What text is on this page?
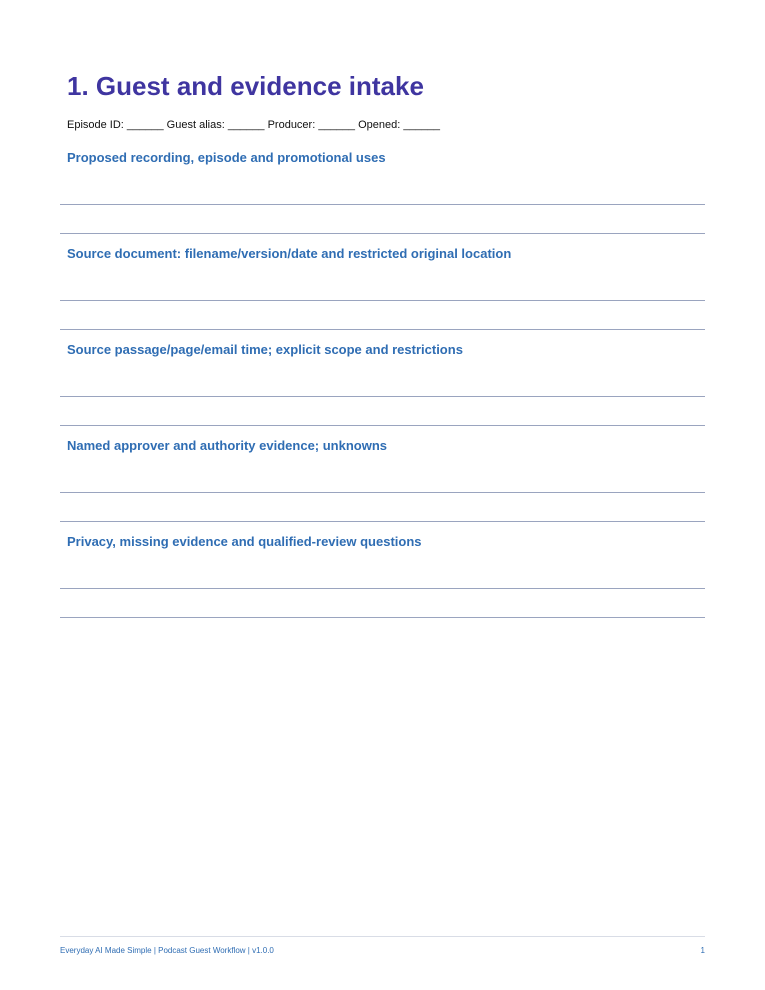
1. Guest and evidence intake
Episode ID: ______ Guest alias: ______ Producer: ______ Opened: ______
Proposed recording, episode and promotional uses
Source document: filename/version/date and restricted original location
Source passage/page/email time; explicit scope and restrictions
Named approver and authority evidence; unknowns
Privacy, missing evidence and qualified-review questions
Everyday AI Made Simple | Podcast Guest Workflow | v1.0.0	1
